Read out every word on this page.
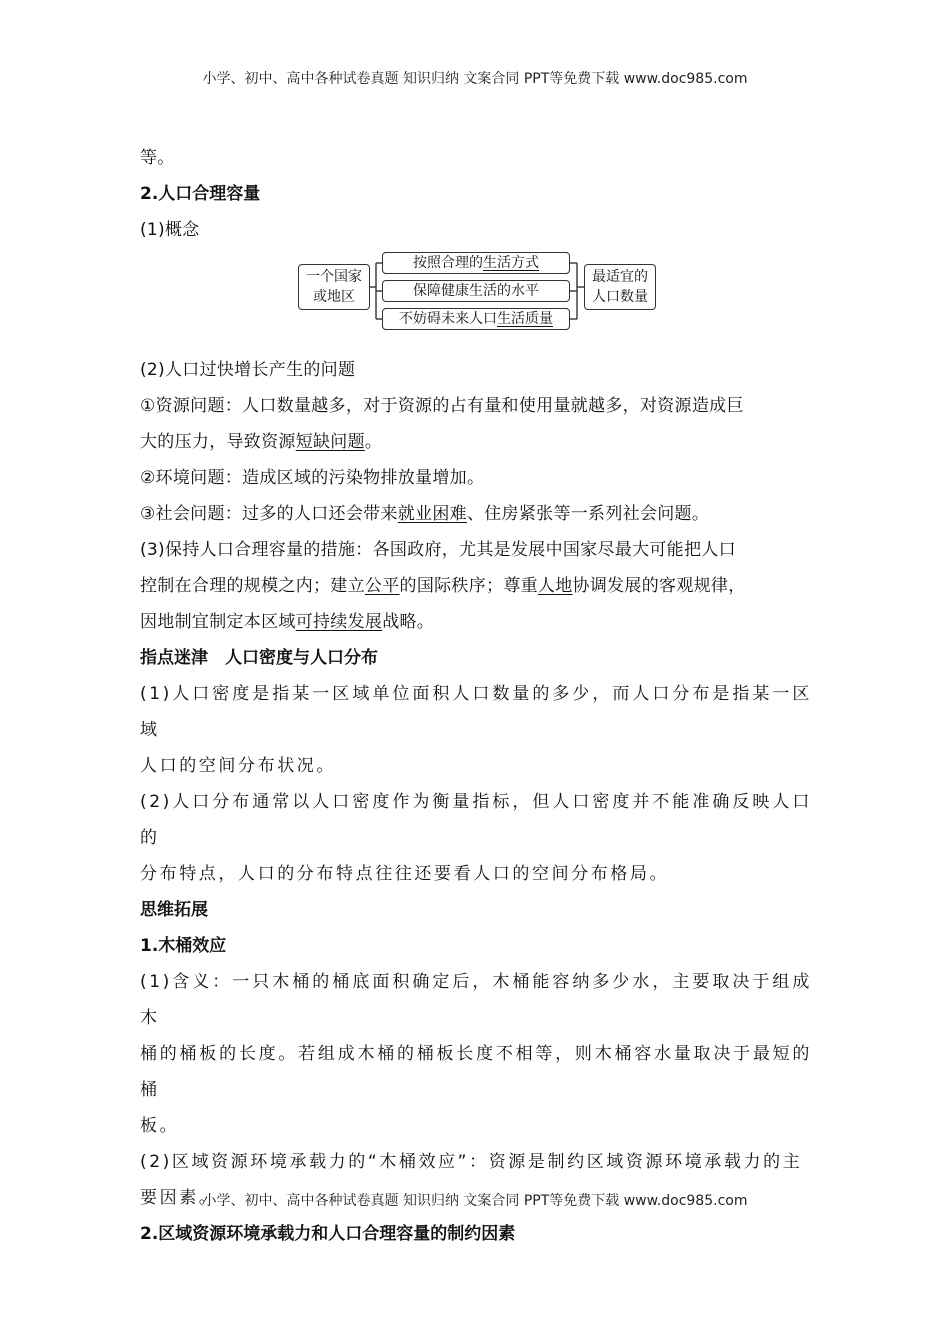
小学、初中、高中各种试卷真题 知识归纳 文案合同 PPT等免费下载 www.doc985.com

等。

2.人口合理容量

(1)概念

一个国家
或地区
按照合理的生活方式
保障健康生活的水平
不妨碍未来人口生活质量
最适宜的
人口数量

(2)人口过快增长产生的问题

①资源问题：人口数量越多，对于资源的占有量和使用量就越多，对资源造成巨

大的压力，导致资源短缺问题。

②环境问题：造成区域的污染物排放量增加。

③社会问题：过多的人口还会带来就业困难、住房紧张等一系列社会问题。

(3)保持人口合理容量的措施：各国政府，尤其是发展中国家尽最大可能把人口

控制在合理的规模之内；建立公平的国际秩序；尊重人地协调发展的客观规律，

因地制宜制定本区域可持续发展战略。

指点迷津　人口密度与人口分布

(1)人口密度是指某一区域单位面积人口数量的多少，而人口分布是指某一区域

人口的空间分布状况。

(2)人口分布通常以人口密度作为衡量指标，但人口密度并不能准确反映人口的

分布特点，人口的分布特点往往还要看人口的空间分布格局。

思维拓展

1.木桶效应

(1)含义：一只木桶的桶底面积确定后，木桶能容纳多少水，主要取决于组成木

桶的桶板的长度。若组成木桶的桶板长度不相等，则木桶容水量取决于最短的桶

板。

(2)区域资源环境承载力的“木桶效应”：资源是制约区域资源环境承载力的主

要因素。

2.区域资源环境承载力和人口合理容量的制约因素

小学、初中、高中各种试卷真题 知识归纳 文案合同 PPT等免费下载 www.doc985.com
